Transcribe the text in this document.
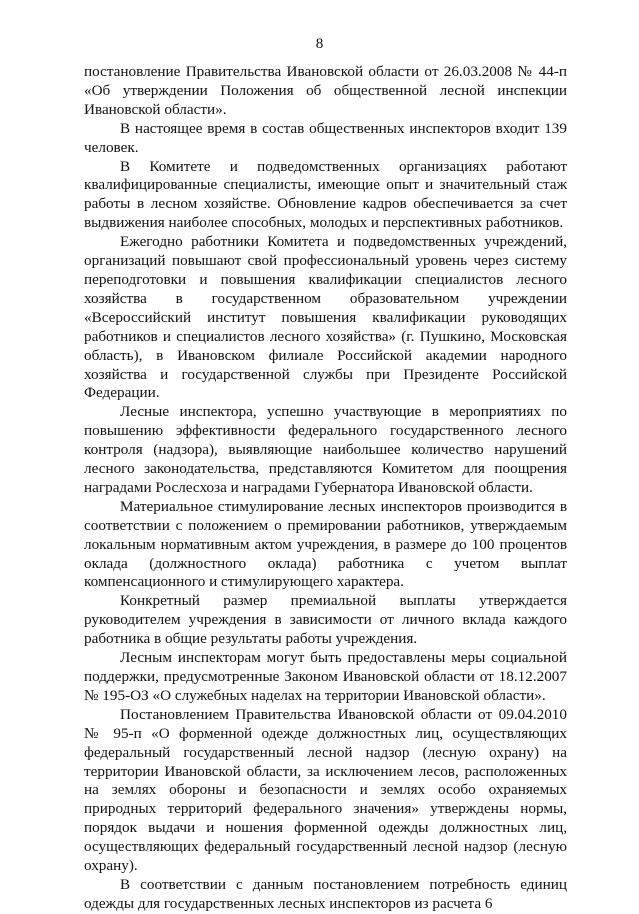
8

постановление Правительства Ивановской области от 26.03.2008 № 44-п «Об утверждении Положения об общественной лесной инспекции Ивановской области».

В настоящее время в состав общественных инспекторов входит 139 человек.

В Комитете и подведомственных организациях работают квалифицированные специалисты, имеющие опыт и значительный стаж работы в лесном хозяйстве. Обновление кадров обеспечивается за счет выдвижения наиболее способных, молодых и перспективных работников.

Ежегодно работники Комитета и подведомственных учреждений, организаций повышают свой профессиональный уровень через систему переподготовки и повышения квалификации специалистов лесного хозяйства в государственном образовательном учреждении «Всероссийский институт повышения квалификации руководящих работников и специалистов лесного хозяйства» (г. Пушкино, Московская область), в Ивановском филиале Российской академии народного хозяйства и государственной службы при Президенте Российской Федерации.

Лесные инспектора, успешно участвующие в мероприятиях по повышению эффективности федерального государственного лесного контроля (надзора), выявляющие наибольшее количество нарушений лесного законодательства, представляются Комитетом для поощрения наградами Рослесхоза и наградами Губернатора Ивановской области.

Материальное стимулирование лесных инспекторов производится в соответствии с положением о премировании работников, утверждаемым локальным нормативным актом учреждения, в размере до 100 процентов оклада (должностного оклада) работника с учетом выплат компенсационного и стимулирующего характера.

Конкретный размер премиальной выплаты утверждается руководителем учреждения в зависимости от личного вклада каждого работника в общие результаты работы учреждения.

Лесным инспекторам могут быть предоставлены меры социальной поддержки, предусмотренные Законом Ивановской области от 18.12.2007 № 195-ОЗ «О служебных наделах на территории Ивановской области».

Постановлением Правительства Ивановской области от 09.04.2010 № 95-п «О форменной одежде должностных лиц, осуществляющих федеральный государственный лесной надзор (лесную охрану) на территории Ивановской области, за исключением лесов, расположенных на землях обороны и безопасности и землях особо охраняемых природных территорий федерального значения» утверждены нормы, порядок выдачи и ношения форменной одежды должностных лиц, осуществляющих федеральный государственный лесной надзор (лесную охрану).

В соответствии с данным постановлением потребность единиц одежды для государственных лесных инспекторов из расчета 6
